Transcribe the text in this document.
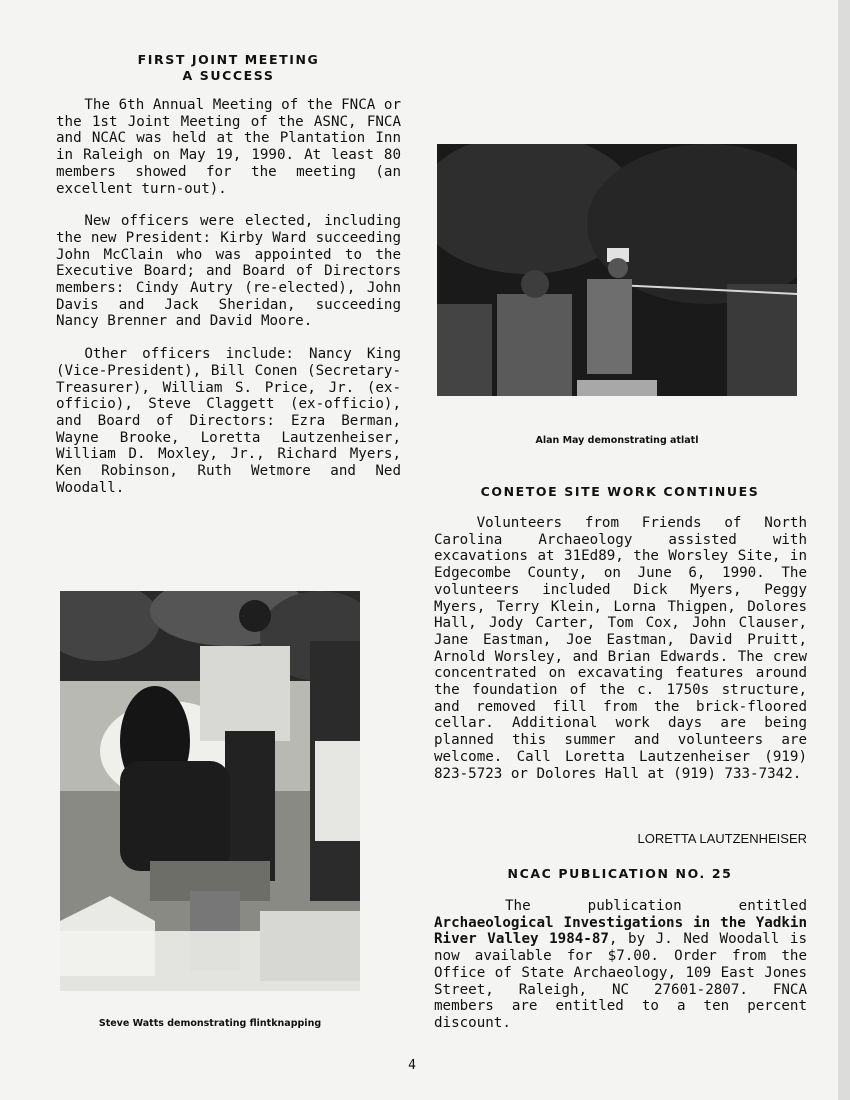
FIRST JOINT MEETING
A SUCCESS

The 6th Annual Meeting of the FNCA or the 1st Joint Meeting of the ASNC, FNCA and NCAC was held at the Plantation Inn in Raleigh on May 19, 1990. At least 80 members showed for the meeting (an excellent turn-out).

New officers were elected, including the new President: Kirby Ward succeeding John McClain who was appointed to the Executive Board; and Board of Directors members: Cindy Autry (re-elected), John Davis and Jack Sheridan, succeeding Nancy Brenner and David Moore.

Other officers include: Nancy King (Vice-President), Bill Conen (Secretary-Treasurer), William S. Price, Jr. (ex-officio), Steve Claggett (ex-officio), and Board of Directors: Ezra Berman, Wayne Brooke, Loretta Lautzenheiser, William D. Moxley, Jr., Richard Myers, Ken Robinson, Ruth Wetmore and Ned Woodall.

Steve Watts demonstrating flintknapping
Alan May demonstrating atlatl
CONETOE SITE WORK CONTINUES

Volunteers from Friends of North Carolina Archaeology assisted with excavations at 31Ed89, the Worsley Site, in Edgecombe County, on June 6, 1990. The volunteers included Dick Myers, Peggy Myers, Terry Klein, Lorna Thigpen, Dolores Hall, Jody Carter, Tom Cox, John Clauser, Jane Eastman, Joe Eastman, David Pruitt, Arnold Worsley, and Brian Edwards. The crew concentrated on excavating features around the foundation of the c. 1750s structure, and removed fill from the brick-floored cellar. Additional work days are being planned this summer and volunteers are welcome. Call Loretta Lautzenheiser (919) 823-5723 or Dolores Hall at (919) 733-7342.

LORETTA LAUTZENHEISER
NCAC PUBLICATION NO. 25

The publication entitled Archaeological Investigations in the Yadkin River Valley 1984-87, by J. Ned Woodall is now available for $7.00. Order from the Office of State Archaeology, 109 East Jones Street, Raleigh, NC 27601-2807. FNCA members are entitled to a ten percent discount.

4
